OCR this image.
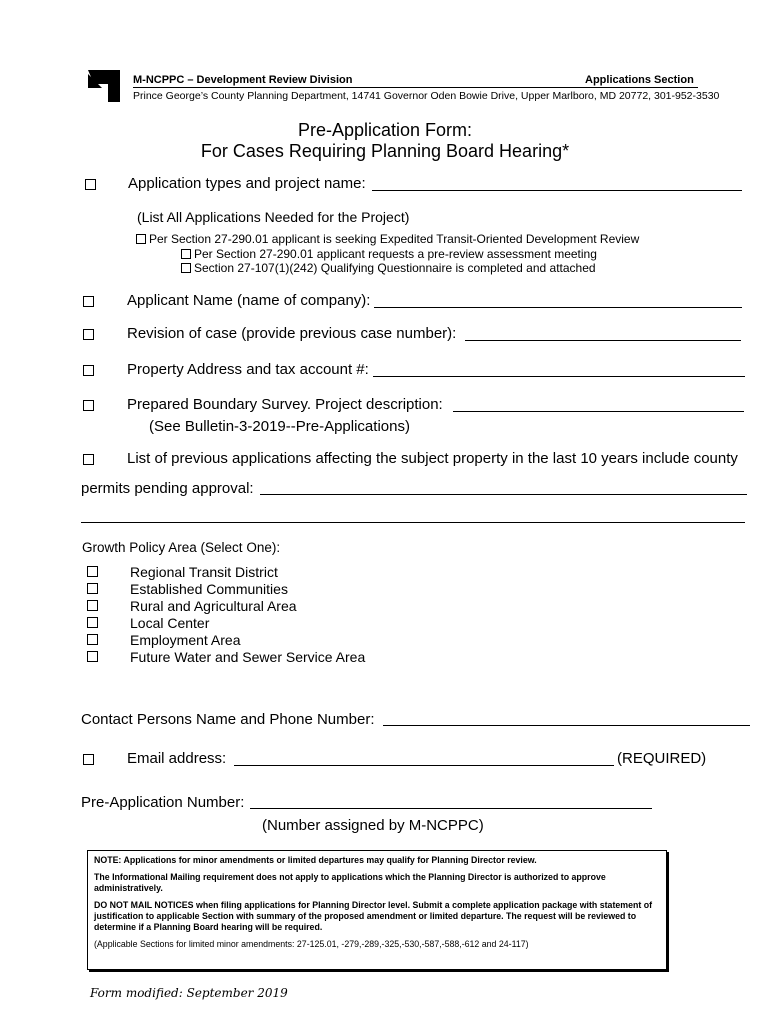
M-NCPPC – Development Review Division	Applications Section
Prince George’s County Planning Department, 14741 Governor Oden Bowie Drive, Upper Marlboro, MD 20772, 301-952-3530
Pre-Application Form:
For Cases Requiring Planning Board Hearing*
Application types and project name:
(List All Applications Needed for the Project)
Per Section 27-290.01 applicant is seeking Expedited Transit-Oriented Development Review
Per Section 27-290.01 applicant requests a pre-review assessment meeting
Section 27-107(1)(242) Qualifying Questionnaire is completed and attached
Applicant Name (name of company):
Revision of case (provide previous case number):
Property Address and tax account #:
Prepared Boundary Survey. Project description:
(See Bulletin-3-2019--Pre-Applications)
List of previous applications affecting the subject property in the last 10 years include county
permits pending approval:
Growth Policy Area (Select One):
Regional Transit District
Established Communities
Rural and Agricultural Area
Local Center
Employment Area
Future Water and Sewer Service Area
Contact Persons Name and Phone Number:
Email address:	(REQUIRED)
Pre-Application Number:
(Number assigned by M-NCPPC)

NOTE: Applications for minor amendments or limited departures may qualify for Planning Director review.

The Informational Mailing requirement does not apply to applications which the Planning Director is authorized to approve administratively.

DO NOT MAIL NOTICES when filing applications for Planning Director level. Submit a complete application package with statement of justification to applicable Section with summary of the proposed amendment or limited departure. The request will be reviewed to determine if a Planning Board hearing will be required.

(Applicable Sections for limited minor amendments: 27-125.01, -279,-289,-325,-530,-587,-588,-612 and 24-117)

Form modified: September 2019
